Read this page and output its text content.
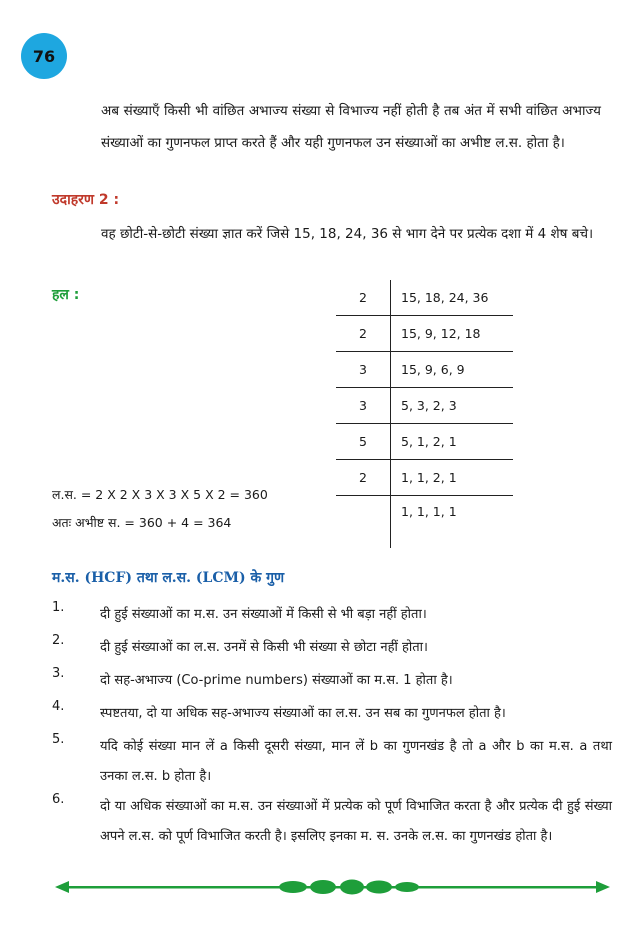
76

अब संख्याएँ किसी भी वांछित अभाज्य संख्या से विभाज्य नहीं होती है तब अंत में सभी वांछित अभाज्य संख्याओं का गुणनफल प्राप्त करते हैं और यही गुणनफल उन संख्याओं का अभीष्ट ल.स. होता है।

उदाहरण 2 :

वह छोटी-से-छोटी संख्या ज्ञात करें जिसे 15, 18, 24, 36 से भाग देने पर प्रत्येक दशा में 4 शेष बचे।

हल :	2	15, 18, 24, 36
2	15, 9, 12, 18
3	15, 9, 6, 9
3	5, 3, 2, 3
5	5, 1, 2, 1
2	1, 1, 2, 1
	1, 1, 1, 1
ल.स. = 2 X 2 X 3 X 3 X 5 X 2 = 360
अतः अभीष्ट स. = 360 + 4 = 364
म.स. (HCF) तथा ल.स. (LCM) के गुण
1.	दी हुई संख्याओं का म.स. उन संख्याओं में किसी से भी बड़ा नहीं होता।
2.	दी हुई संख्याओं का ल.स. उनमें से किसी भी संख्या से छोटा नहीं होता।
3.	दो सह-अभाज्य (Co-prime numbers) संख्याओं का म.स. 1 होता है।
4.	स्पष्टतया, दो या अधिक सह-अभाज्य संख्याओं का ल.स. उन सब का गुणनफल होता है।
5.	यदि कोई संख्या मान लें a किसी दूसरी संख्या, मान लें b का गुणनखंड है तो a और b का म.स. a तथा उनका ल.स. b होता है।
6.	दो या अधिक संख्याओं का म.स. उन संख्याओं में प्रत्येक को पूर्ण विभाजित करता है और प्रत्येक दी हुई संख्या अपने ल.स. को पूर्ण विभाजित करती है। इसलिए इनका म. स. उनके ल.स. का गुणनखंड होता है।
